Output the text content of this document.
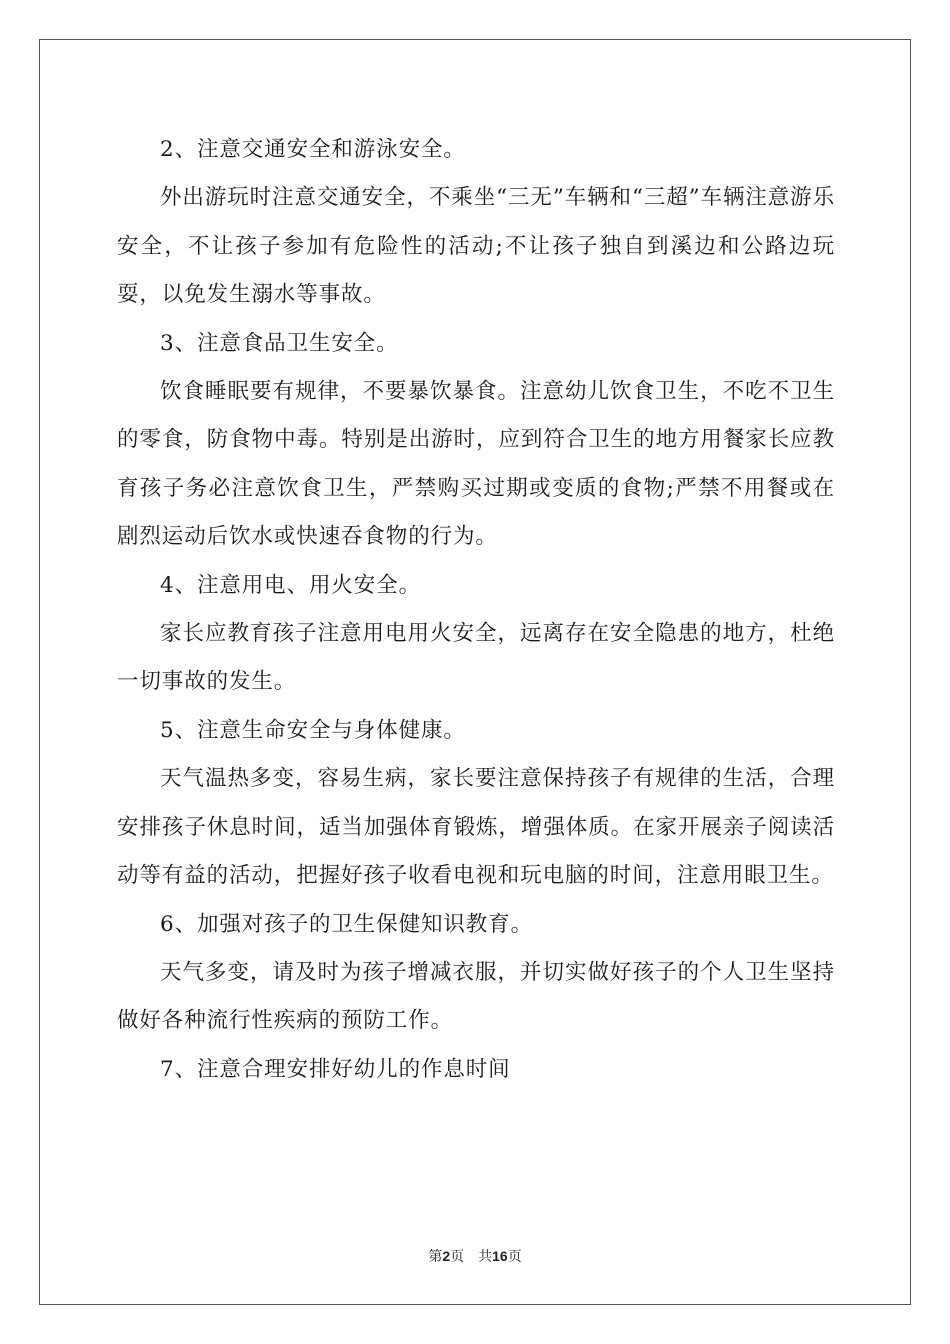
2、注意交通安全和游泳安全。

外出游玩时注意交通安全，不乘坐“三无”车辆和“三超”车辆注意游乐安全，不让孩子参加有危险性的活动;不让孩子独自到溪边和公路边玩耍，以免发生溺水等事故。

3、注意食品卫生安全。

饮食睡眠要有规律，不要暴饮暴食。注意幼儿饮食卫生，不吃不卫生的零食，防食物中毒。特别是出游时，应到符合卫生的地方用餐家长应教育孩子务必注意饮食卫生，严禁购买过期或变质的食物;严禁不用餐或在剧烈运动后饮水或快速吞食物的行为。

4、注意用电、用火安全。

家长应教育孩子注意用电用火安全，远离存在安全隐患的地方，杜绝一切事故的发生。

5、注意生命安全与身体健康。

天气温热多变，容易生病，家长要注意保持孩子有规律的生活，合理安排孩子休息时间，适当加强体育锻炼，增强体质。在家开展亲子阅读活动等有益的活动，把握好孩子收看电视和玩电脑的时间，注意用眼卫生。

6、加强对孩子的卫生保健知识教育。

天气多变，请及时为孩子增减衣服，并切实做好孩子的个人卫生坚持做好各种流行性疾病的预防工作。

7、注意合理安排好幼儿的作息时间

第2页 共16页
